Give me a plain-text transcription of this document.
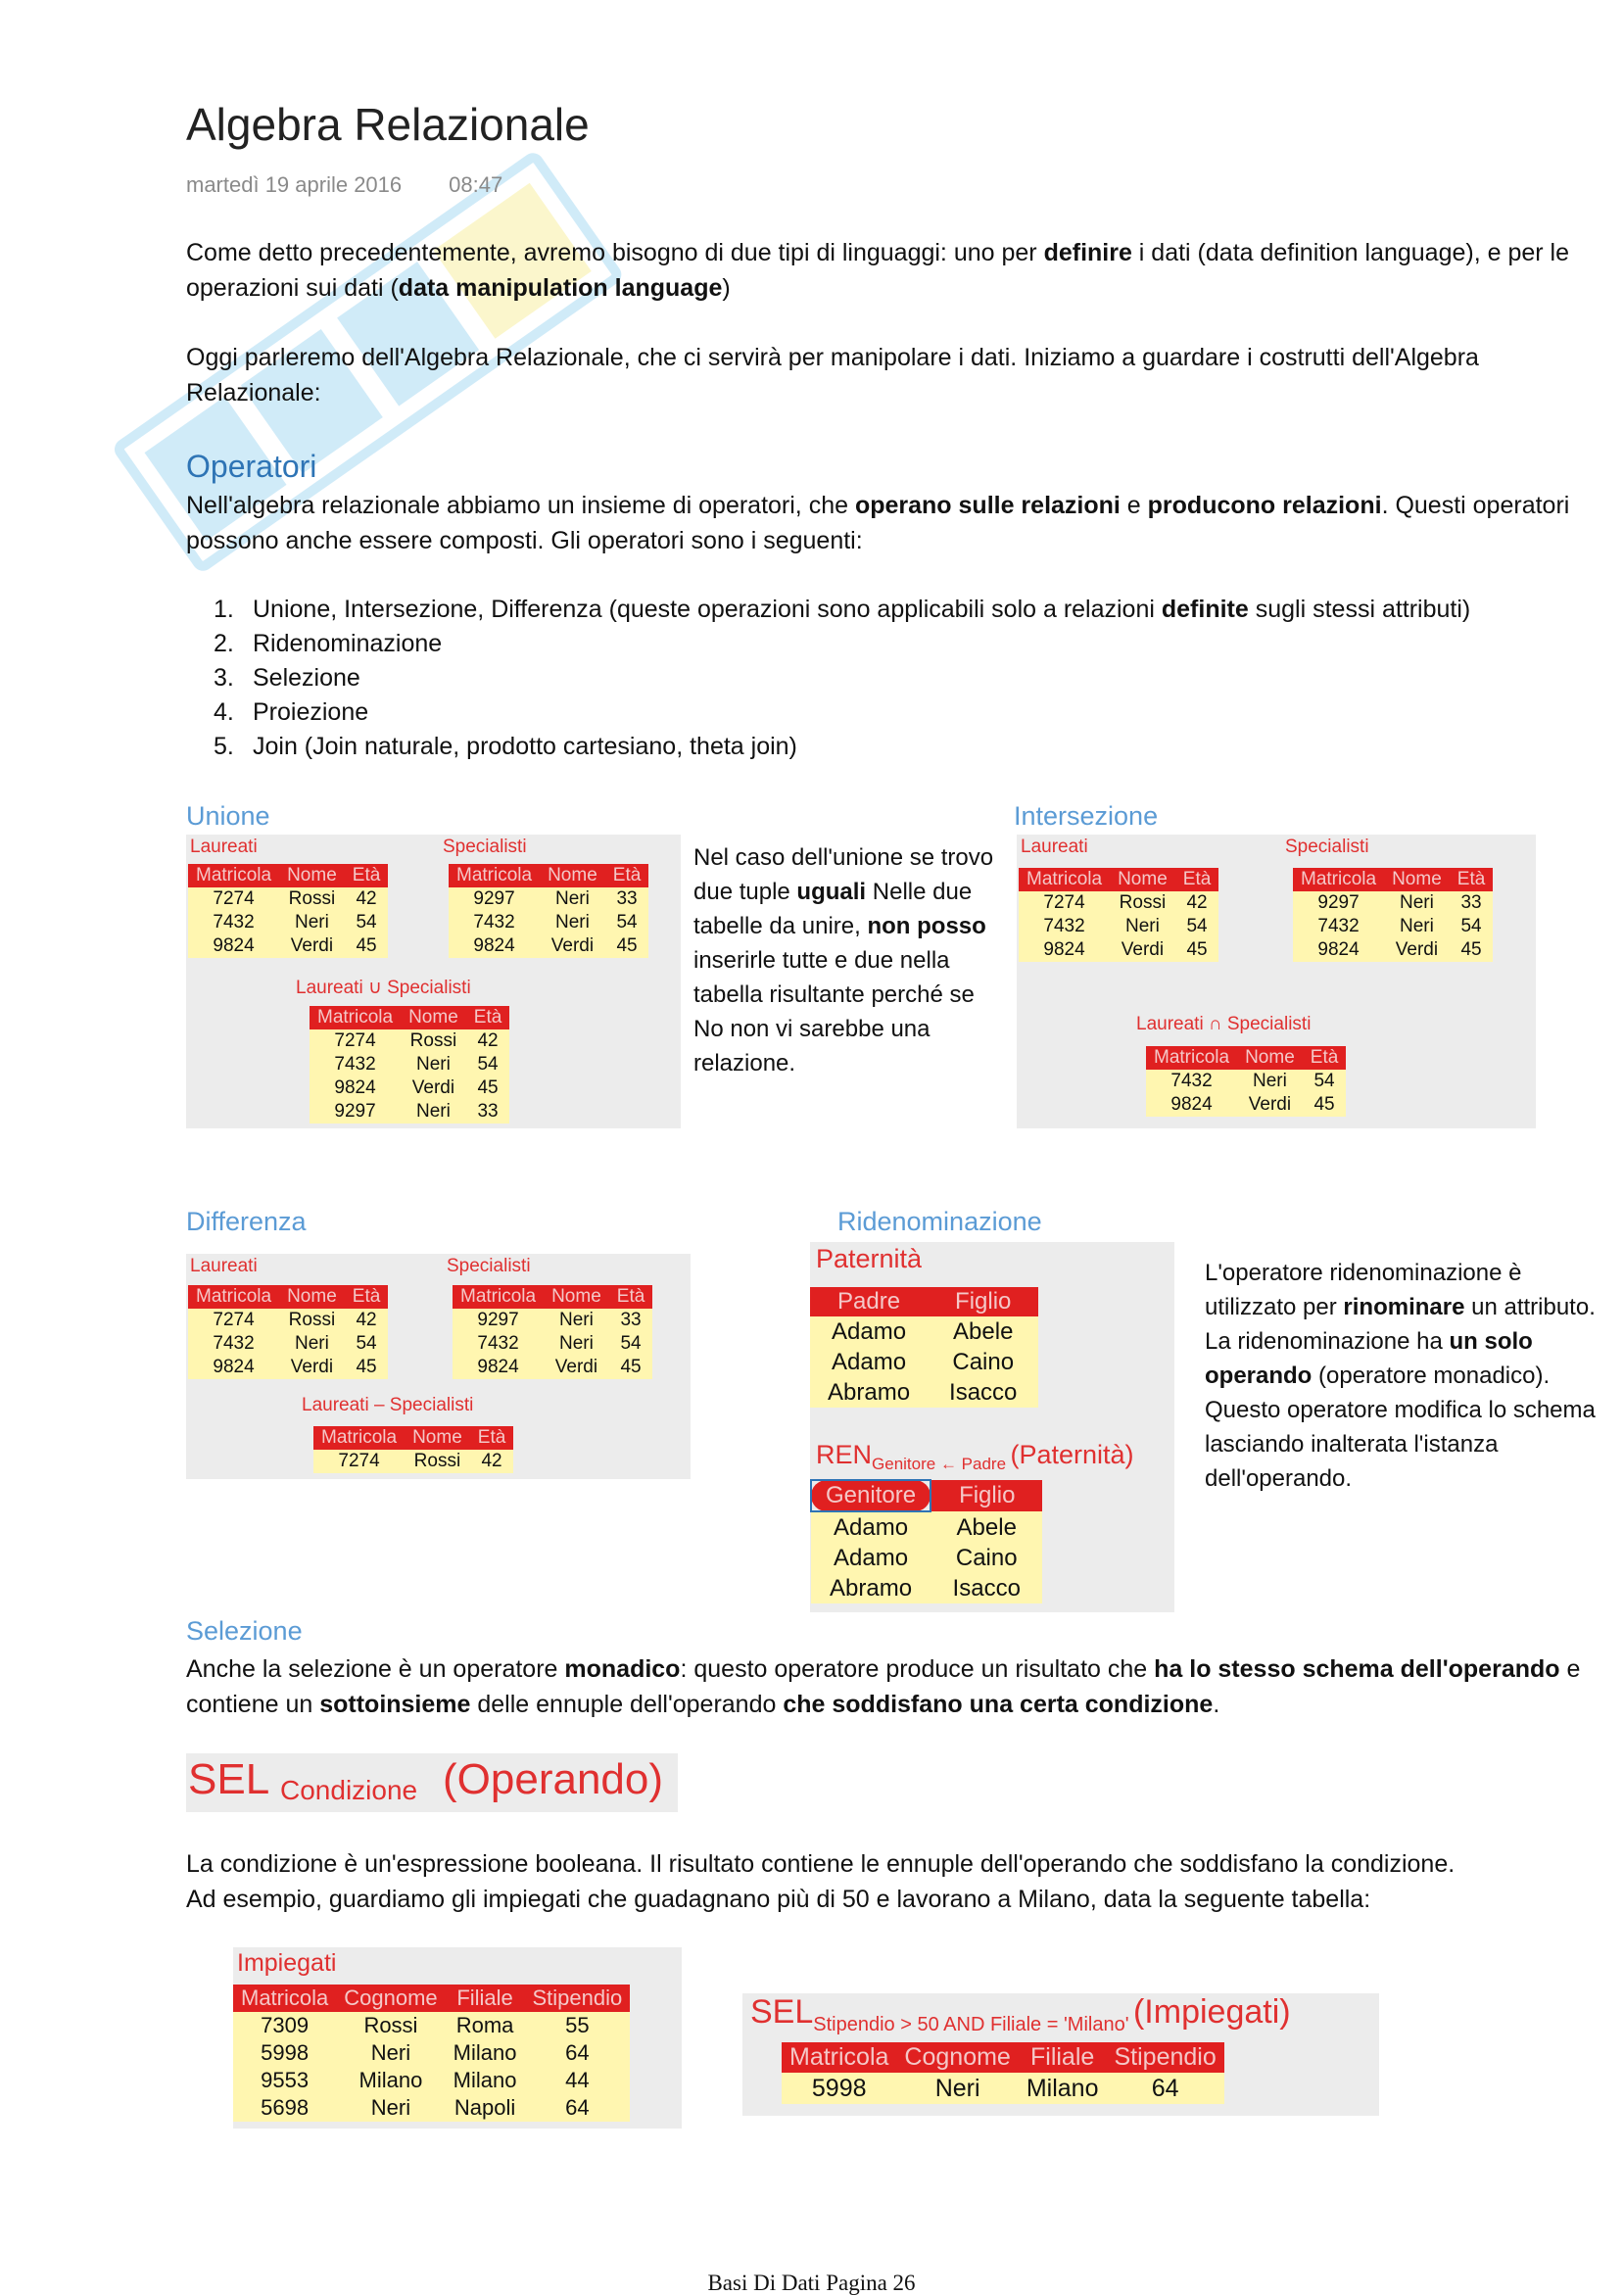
Algebra Relazionale
martedì 19 aprile 2016 08:47
Come detto precedentemente, avremo bisogno di due tipi di linguaggi: uno per definire i dati (data definition language), e per le operazioni sui dati (data manipulation language)
Oggi parleremo dell'Algebra Relazionale, che ci servirà per manipolare i dati. Iniziamo a guardare i costrutti dell'Algebra Relazionale:
Operatori
Nell'algebra relazionale abbiamo un insieme di operatori, che operano sulle relazioni e producono relazioni. Questi operatori possono anche essere composti. Gli operatori sono i seguenti:
1. Unione, Intersezione, Differenza (queste operazioni sono applicabili solo a relazioni definite sugli stessi attributi)
2. Ridenominazione
3. Selezione
4. Proiezione
5. Join (Join naturale, prodotto cartesiano, theta join)
Unione
Laureati	Specialisti
Matricola	Nome	Età
7274	Rossi	42
7432	Neri	54
9824	Verdi	45
Matricola	Nome	Età
9297	Neri	33
7432	Neri	54
9824	Verdi	45
Laureati ∪ Specialisti
Matricola	Nome	Età
7274	Rossi	42
7432	Neri	54
9824	Verdi	45
9297	Neri	33
Nel caso dell'unione se trovo due tuple uguali Nelle due tabelle da unire, non posso inserirle tutte e due nella tabella risultante perché se No non vi sarebbe una relazione.
Intersezione
Laureati	Specialisti
Matricola	Nome	Età
7274	Rossi	42
7432	Neri	54
9824	Verdi	45
Matricola	Nome	Età
9297	Neri	33
7432	Neri	54
9824	Verdi	45
Laureati ∩ Specialisti
Matricola	Nome	Età
7432	Neri	54
9824	Verdi	45
Differenza
Laureati	Specialisti
Matricola	Nome	Età
7274	Rossi	42
7432	Neri	54
9824	Verdi	45
Matricola	Nome	Età
9297	Neri	33
7432	Neri	54
9824	Verdi	45
Laureati – Specialisti
Matricola	Nome	Età
7274	Rossi	42
Ridenominazione
Paternità
Padre	Figlio
Adamo	Abele
Adamo	Caino
Abramo	Isacco
RENGenitore ← Padre (Paternità)
Genitore	Figlio
Adamo	Abele
Adamo	Caino
Abramo	Isacco
L'operatore ridenominazione è utilizzato per rinominare un attributo.
La ridenominazione ha un solo operando (operatore monadico). Questo operatore modifica lo schema lasciando inalterata l'istanza dell'operando.
Selezione
Anche la selezione è un operatore monadico: questo operatore produce un risultato che ha lo stesso schema dell'operando e contiene un sottoinsieme delle ennuple dell'operando che soddisfano una certa condizione.
SEL Condizione (Operando)
La condizione è un'espressione booleana. Il risultato contiene le ennuple dell'operando che soddisfano la condizione.
Ad esempio, guardiamo gli impiegati che guadagnano più di 50 e lavorano a Milano, data la seguente tabella:
Impiegati
Matricola	Cognome	Filiale	Stipendio
7309	Rossi	Roma	55
5998	Neri	Milano	64
9553	Milano	Milano	44
5698	Neri	Napoli	64
SELStipendio > 50 AND Filiale = 'Milano' (Impiegati)
Matricola	Cognome	Filiale	Stipendio
5998	Neri	Milano	64
Basi Di Dati Pagina 26
